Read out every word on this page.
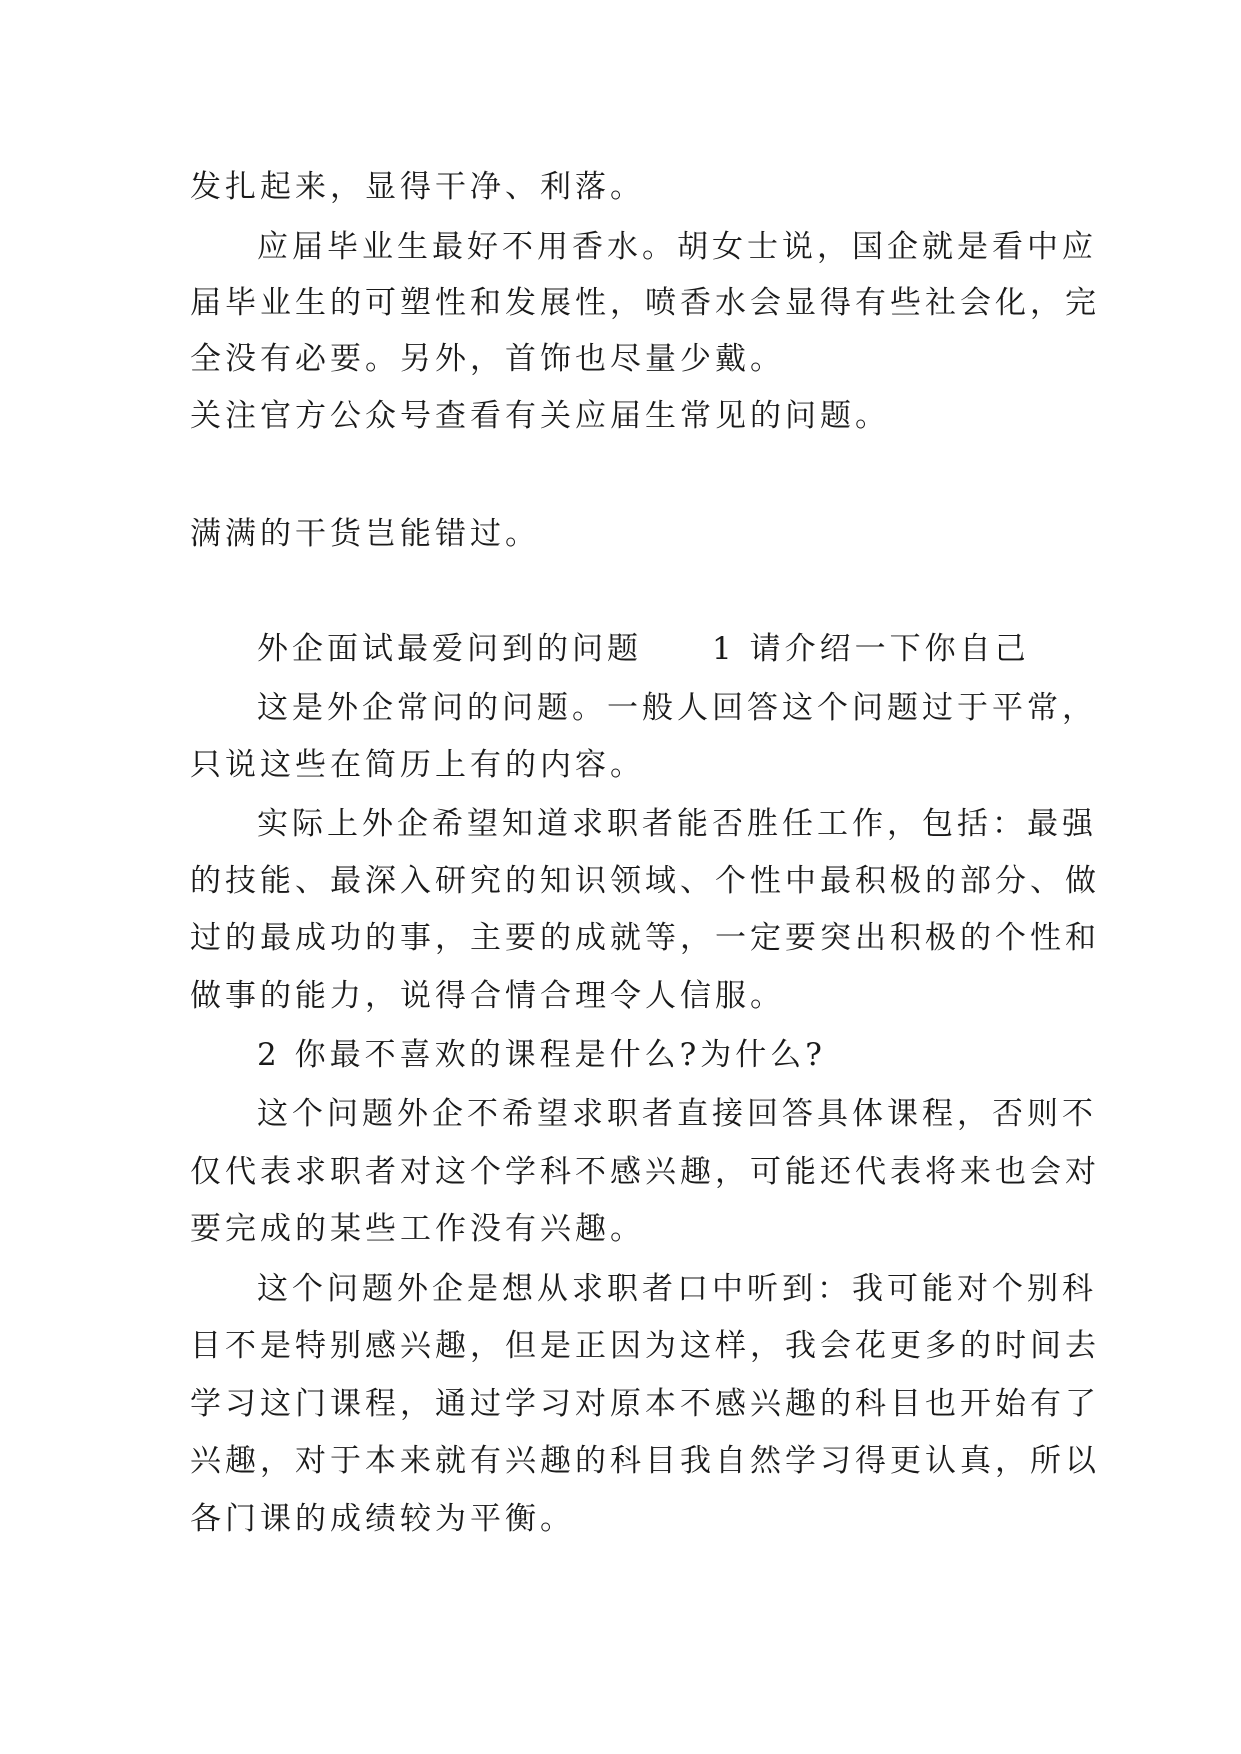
发扎起来，显得干净、利落。
应届毕业生最好不用香水。胡女士说，国企就是看中应
届毕业生的可塑性和发展性，喷香水会显得有些社会化，完
全没有必要。另外，首饰也尽量少戴。
关注官方公众号查看有关应届生常见的问题。
满满的干货岂能错过。
外企面试最爱问到的问题　　1 请介绍一下你自己
这是外企常问的问题。一般人回答这个问题过于平常，
只说这些在简历上有的内容。
实际上外企希望知道求职者能否胜任工作，包括：最强
的技能、最深入研究的知识领域、个性中最积极的部分、做
过的最成功的事，主要的成就等，一定要突出积极的个性和
做事的能力，说得合情合理令人信服。
2 你最不喜欢的课程是什么?为什么?
这个问题外企不希望求职者直接回答具体课程，否则不
仅代表求职者对这个学科不感兴趣，可能还代表将来也会对
要完成的某些工作没有兴趣。
这个问题外企是想从求职者口中听到：我可能对个别科
目不是特别感兴趣，但是正因为这样，我会花更多的时间去
学习这门课程，通过学习对原本不感兴趣的科目也开始有了
兴趣，对于本来就有兴趣的科目我自然学习得更认真，所以
各门课的成绩较为平衡。
